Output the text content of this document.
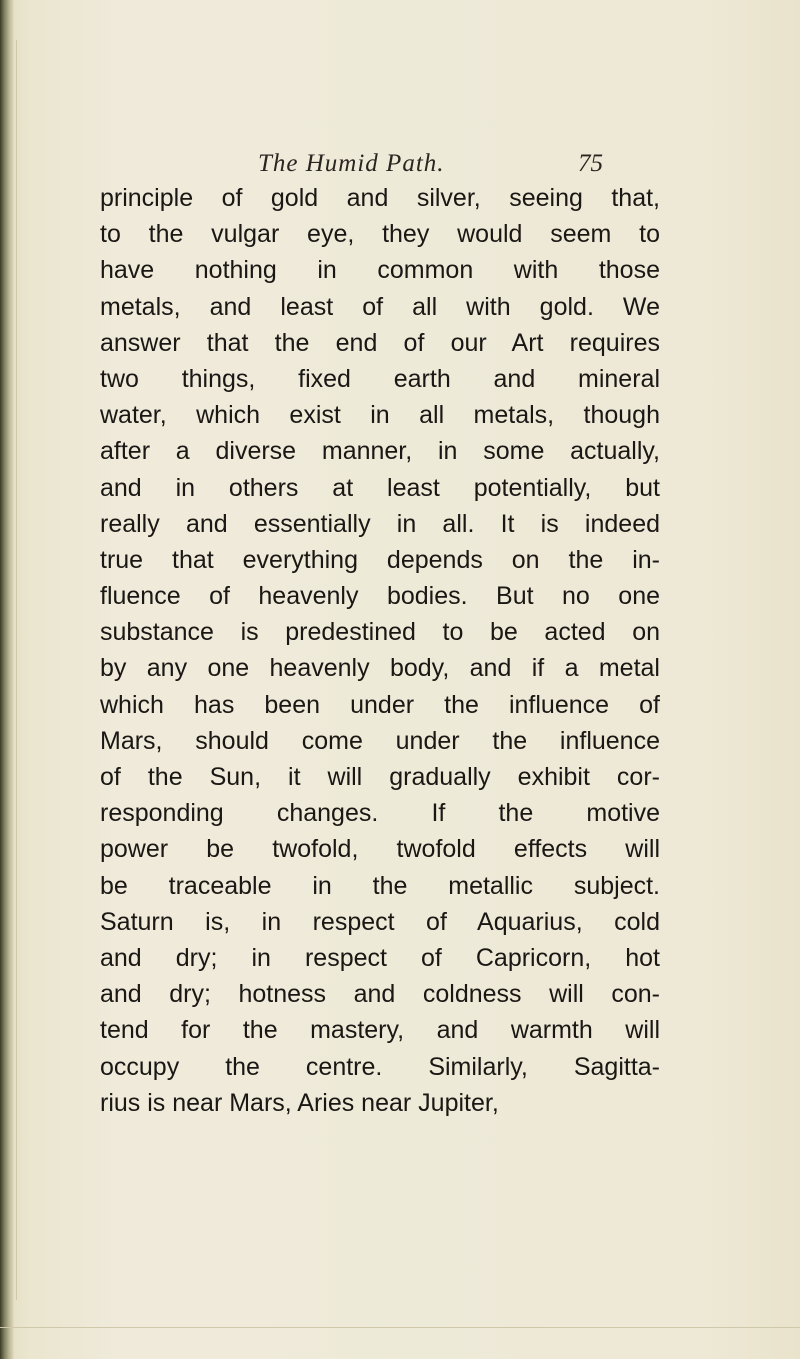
The Humid Path.	75
principle of gold and silver, seeing that,
to the vulgar eye, they would seem to
have nothing in common with those
metals, and least of all with gold. We
answer that the end of our Art requires
two things, fixed earth and mineral
water, which exist in all metals, though
after a diverse manner, in some actually,
and in others at least potentially, but
really and essentially in all. It is indeed
true that everything depends on the in-
fluence of heavenly bodies. But no one
substance is predestined to be acted on
by any one heavenly body, and if a metal
which has been under the influence of
Mars, should come under the influence
of the Sun, it will gradually exhibit cor-
responding changes. If the motive
power be twofold, twofold effects will
be traceable in the metallic subject.
Saturn is, in respect of Aquarius, cold
and dry; in respect of Capricorn, hot
and dry; hotness and coldness will con-
tend for the mastery, and warmth will
occupy the centre. Similarly, Sagitta-
rius is near Mars, Aries near Jupiter,
